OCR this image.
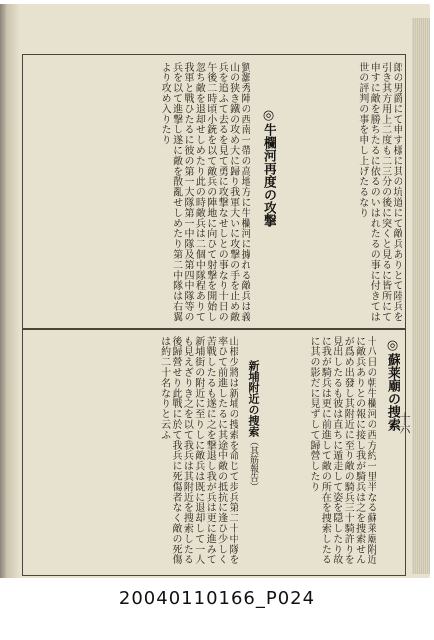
郎の男爵にて申す様に其の坑道にて敵兵ありとて陸兵を引き其方用上二度も二三分の後に突くと見るに皆所にて申すに敵を勝ちたるに依るのいはれたるの事に付きては世の評判の事を申し上げたるなり
◎牛欄河再度の攻撃
劉灝秀陣の西南一帶の高地方に牛欄河に據れる敵兵は義山の狭き鐵の攻め大に歸り我軍大いに攻撃の手を止め敵兵を追ふて去るを見て勇に攻撃なせしとの事なり十日の午後二時頃小銃を以て敵兵の陣地に向ひて射撃を開始し忽ち敵を退却せしめたり此の時敵兵は二個中隊程ありて我軍と戰ひたるに彼の第一大隊第一中隊及第四中隊等の兵を以て進撃し遂に敵を散亂せしめたり第二中隊は右翼より攻め入りたり
◎蘇莱廟の捜索
十八日の朝牛欄河の西方約一里半なる蘇莱廟附近に敵兵ありとの報に接し我が騎兵は之を捜索せんが爲め出發し其附近に至り敵の騎兵三十騎許りを見出したるも彼は直ちに遁走して姿を隠したり故に我が騎兵は更に前進して敵の所在を捜索したるに其の影だに見ずして歸營したり
新埔附近の捜索（其筋報告）
山根少將は新埔の捜索を命じて歩兵第二十中隊を率ひて前進したるに其途中敵の抵抗に逢ひ少しく苦戰したるも遂に之を撃退し我が兵は更に進みて新埔街の附近に至りしに敵兵は既に退却して一人も見えざりき之を以て我兵は其附近を搜索したる後歸營せり此戰に於て我兵に死傷者なく敵の死傷は約二十名なりと云ふ	十六
20040110166_P024
